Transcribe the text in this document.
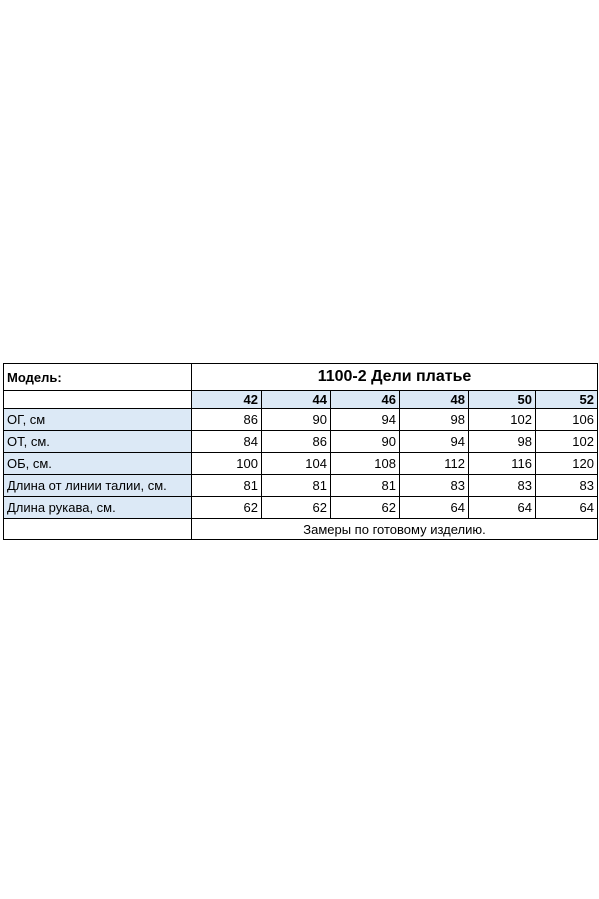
Модель:	1100-2 Дели платье					
	42	44	46	48	50	52
ОГ, см	86	90	94	98	102	106
ОТ, см.	84	86	90	94	98	102
ОБ, см.	100	104	108	112	116	120
Длина от линии талии, см.	81	81	81	83	83	83
Длина рукава, см.	62	62	62	64	64	64
	Замеры по готовому изделию.					
